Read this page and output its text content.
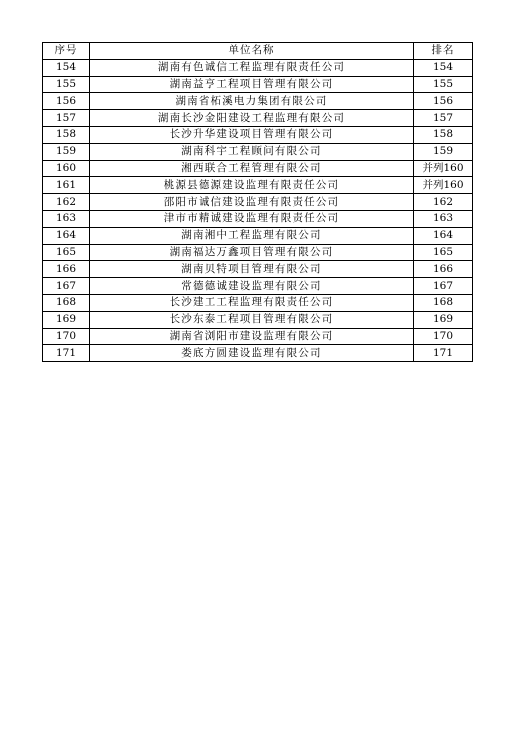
序号	单位名称	排名
154	湖南有色诚信工程监理有限责任公司	154
155	湖南益亨工程项目管理有限公司	155
156	湖南省柘溪电力集团有限公司	156
157	湖南长沙金阳建设工程监理有限公司	157
158	长沙升华建设项目管理有限公司	158
159	湖南科宇工程顾问有限公司	159
160	湘西联合工程管理有限公司	并列160
161	桃源县德源建设监理有限责任公司	并列160
162	邵阳市诚信建设监理有限责任公司	162
163	津市市精诚建设监理有限责任公司	163
164	湖南湘中工程监理有限公司	164
165	湖南福达万鑫项目管理有限公司	165
166	湖南贝特项目管理有限公司	166
167	常德德诚建设监理有限公司	167
168	长沙建工工程监理有限责任公司	168
169	长沙东泰工程项目管理有限公司	169
170	湖南省浏阳市建设监理有限公司	170
171	娄底方圆建设监理有限公司	171
